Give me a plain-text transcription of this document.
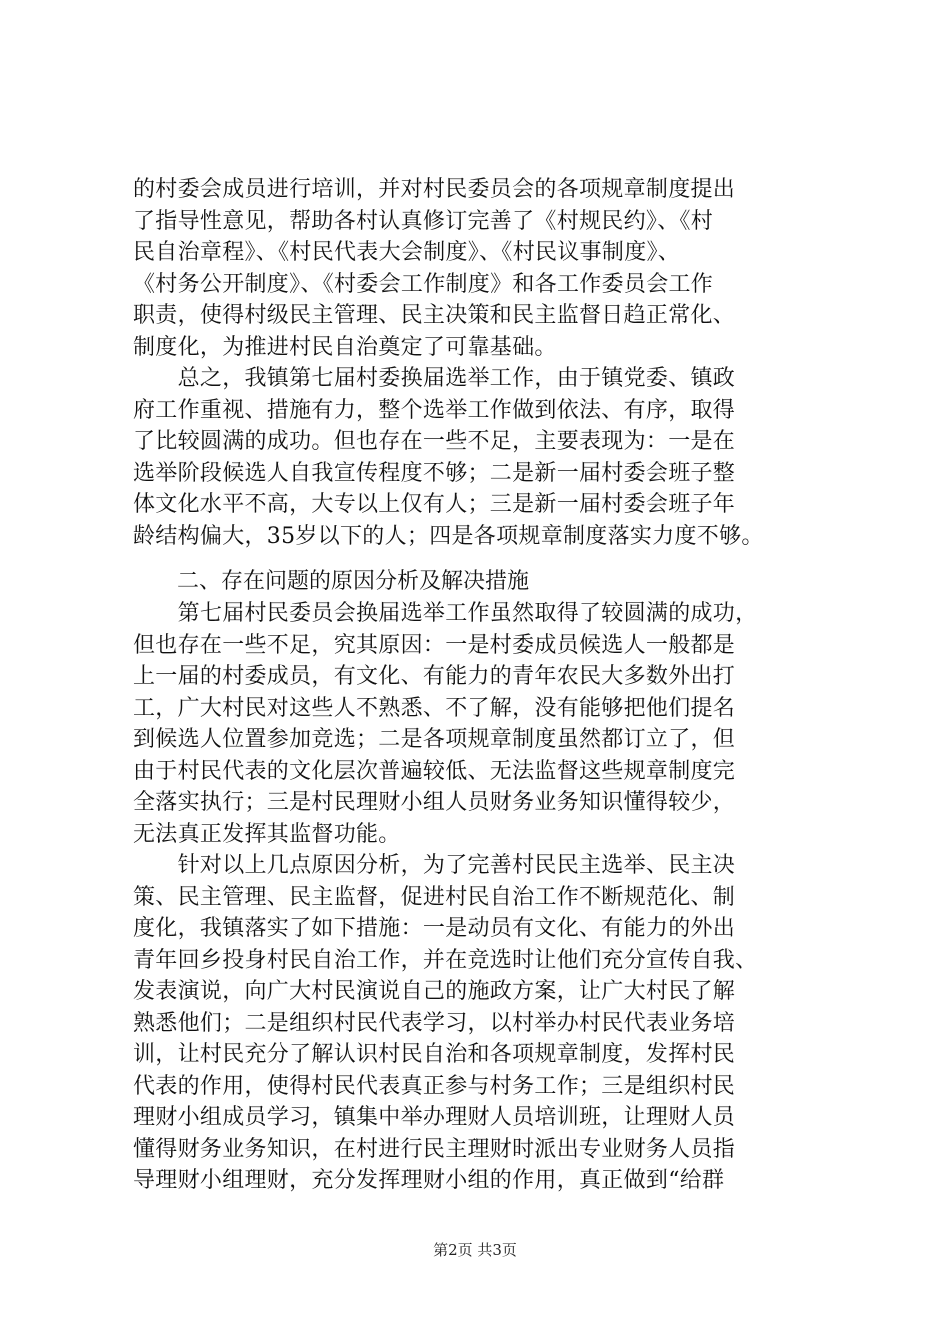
的村委会成员进行培训，并对村民委员会的各项规章制度提出
了指导性意见，帮助各村认真修订完善了《村规民约》、《村
民自治章程》、《村民代表大会制度》、《村民议事制度》、
《村务公开制度》、《村委会工作制度》和各工作委员会工作
职责，使得村级民主管理、民主决策和民主监督日趋正常化、
制度化，为推进村民自治奠定了可靠基础。
　　总之，我镇第七届村委换届选举工作，由于镇党委、镇政
府工作重视、措施有力，整个选举工作做到依法、有序，取得
了比较圆满的成功。但也存在一些不足，主要表现为：一是在
选举阶段候选人自我宣传程度不够；二是新一届村委会班子整
体文化水平不高，大专以上仅有人；三是新一届村委会班子年
龄结构偏大，35岁以下的人；四是各项规章制度落实力度不够。
二、存在问题的原因分析及解决措施
　　第七届村民委员会换届选举工作虽然取得了较圆满的成功，
但也存在一些不足，究其原因：一是村委成员候选人一般都是
上一届的村委成员，有文化、有能力的青年农民大多数外出打
工，广大村民对这些人不熟悉、不了解，没有能够把他们提名
到候选人位置参加竞选；二是各项规章制度虽然都订立了，但
由于村民代表的文化层次普遍较低、无法监督这些规章制度完
全落实执行；三是村民理财小组人员财务业务知识懂得较少，
无法真正发挥其监督功能。
　　针对以上几点原因分析，为了完善村民民主选举、民主决
策、民主管理、民主监督，促进村民自治工作不断规范化、制
度化，我镇落实了如下措施：一是动员有文化、有能力的外出
青年回乡投身村民自治工作，并在竞选时让他们充分宣传自我、
发表演说，向广大村民演说自己的施政方案，让广大村民了解
熟悉他们；二是组织村民代表学习，以村举办村民代表业务培
训，让村民充分了解认识村民自治和各项规章制度，发挥村民
代表的作用，使得村民代表真正参与村务工作；三是组织村民
理财小组成员学习，镇集中举办理财人员培训班，让理财人员
懂得财务业务知识，在村进行民主理财时派出专业财务人员指
导理财小组理财，充分发挥理财小组的作用，真正做到“给群
第2页 共3页
